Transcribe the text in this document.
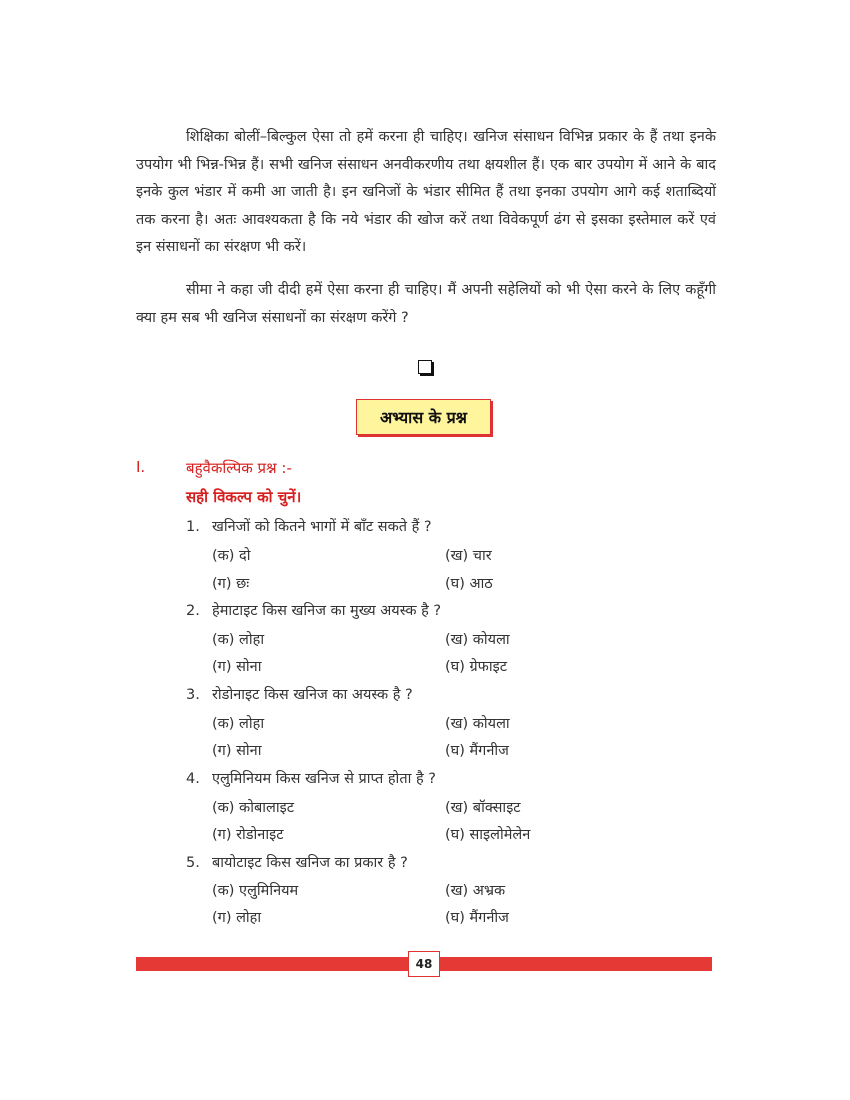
शिक्षिका बोलीं–बिल्कुल ऐसा तो हमें करना ही चाहिए। खनिज संसाधन विभिन्न प्रकार के हैं तथा इनके उपयोग भी भिन्न-भिन्न हैं। सभी खनिज संसाधन अनवीकरणीय तथा क्षयशील हैं। एक बार उपयोग में आने के बाद इनके कुल भंडार में कमी आ जाती है। इन खनिजों के भंडार सीमित हैं तथा इनका उपयोग आगे कई शताब्दियों तक करना है। अतः आवश्यकता है कि नये भंडार की खोज करें तथा विवेकपूर्ण ढंग से इसका इस्तेमाल करें एवं इन संसाधनों का संरक्षण भी करें।
सीमा ने कहा जी दीदी हमें ऐसा करना ही चाहिए। मैं अपनी सहेलियों को भी ऐसा करने के लिए कहूँगी क्या हम सब भी खनिज संसाधनों का संरक्षण करेंगे ?
अभ्यास के प्रश्न
I.	बहुवैकल्पिक प्रश्न :-
सही विकल्प को चुनें।
1. खनिजों को कितने भागों में बाँट सकते हैं ?
(क) दो	(ख) चार
(ग) छः	(घ) आठ
2. हेमाटाइट किस खनिज का मुख्य अयस्क है ?
(क) लोहा	(ख) कोयला
(ग) सोना	(घ) ग्रेफाइट
3. रोडोनाइट किस खनिज का अयस्क है ?
(क) लोहा	(ख) कोयला
(ग) सोना	(घ) मैंगनीज
4. एलुमिनियम किस खनिज से प्राप्त होता है ?
(क) कोबालाइट	(ख) बॉक्साइट
(ग) रोडोनाइट	(घ) साइलोमेलेन
5. बायोटाइट किस खनिज का प्रकार है ?
(क) एलुमिनियम	(ख) अभ्रक
(ग) लोहा	(घ) मैंगनीज
48
